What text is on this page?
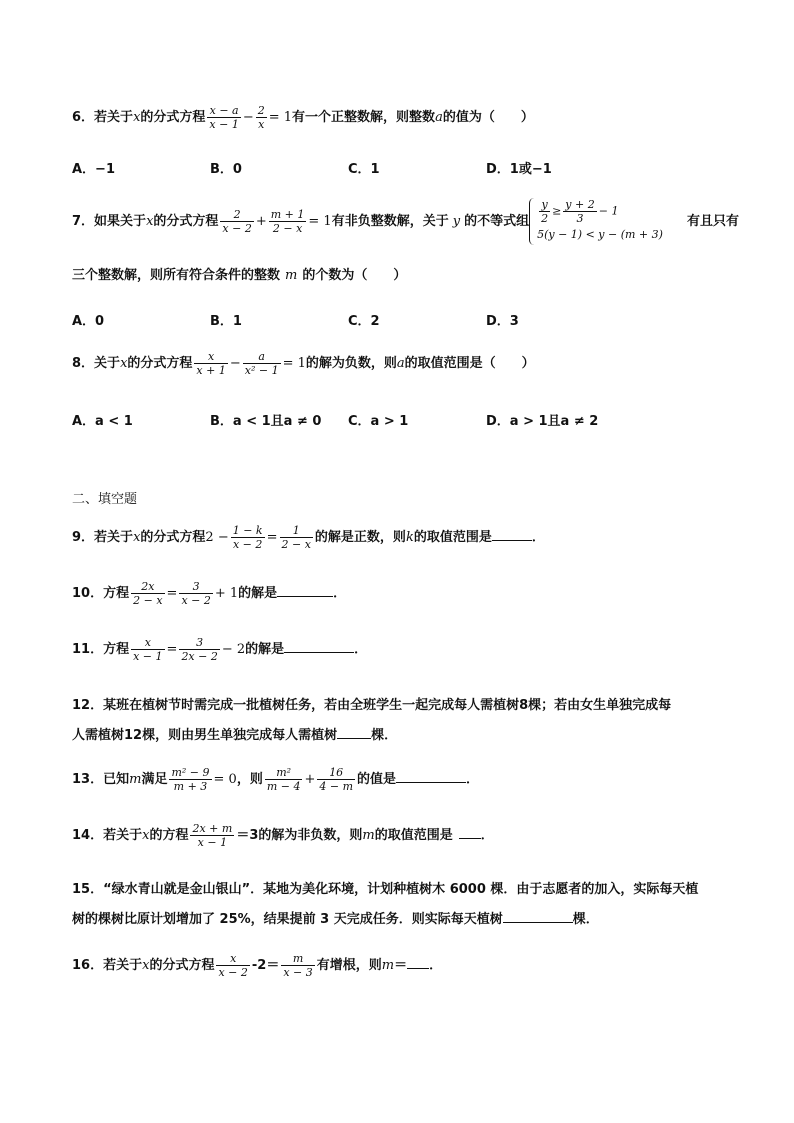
6．若关于x的分式方程 $\frac{x - a}{x - 1} - \frac{2}{x} = 1$有一个正整数解，则整数a的值为（　　）
A．−1	B．0	C．1	D．1或−1
7．如果关于x的分式方程 $\frac{2}{x - 2} + \frac{m + 1}{2 - x} = 1$有非负整数解，关于 y 的不等式组 $\frac{y}{2} \ge \frac{y + 2}{3} - 1$
5(y − 1) < y − (m + 3)
有且只有
三个整数解，则所有符合条件的整数 m 的个数为（　　）
A．0	B．1	C．2	D．3
8．关于x的分式方程 $\frac{x}{x + 1} - \frac{a}{\text{x² − 1}} = 1$的解为负数，则a的取值范围是（　　）
A．a < 1	B．a < 1且a ≠ 0 C．a > 1	D．a > 1且a ≠ 2
二、填空题
9．若关于x的分式方程$2 - \frac{1 - k}{x - 2} = \frac{1}{2 - x}$ 的解是正数，则k的取值范围是	．
10．方程 $\frac{2x}{2 - x} = \frac{3}{x - 2} + 1$的解是	．
11．方程 $\frac{x}{x - 1} = \frac{3}{2x - 2} - 2$的解是	．
12．某班在植树节时需完成一批植树任务，若由全班学生一起完成每人需植树8棵；若由女生单独完成每
人需植树12棵，则由男生单独完成每人需植树	棵．
13．已知m满足 $\frac{\text{m² − 9}}{m + 3} = 0$，则 $\frac{\text{m²}}{m - 4} + \frac{16}{4 - m}$ 的值是	．
14．若关于x的方程 $\frac{2x + m}{x - 1} =3$的解为非负数，则m的取值范围是 ．
15．“绿水青山就是金山银山”．某地为美化环境，计划种植树木 6000 棵．由于志愿者的加入，实际每天植
树的棵树比原计划增加了 25%，结果提前 3 天完成任务．则实际每天植树	棵．
16．若关于x的分式方程 $\frac{x}{x - 2} -2= \frac{m}{x - 3}$ 有增根，则m＝ ．
